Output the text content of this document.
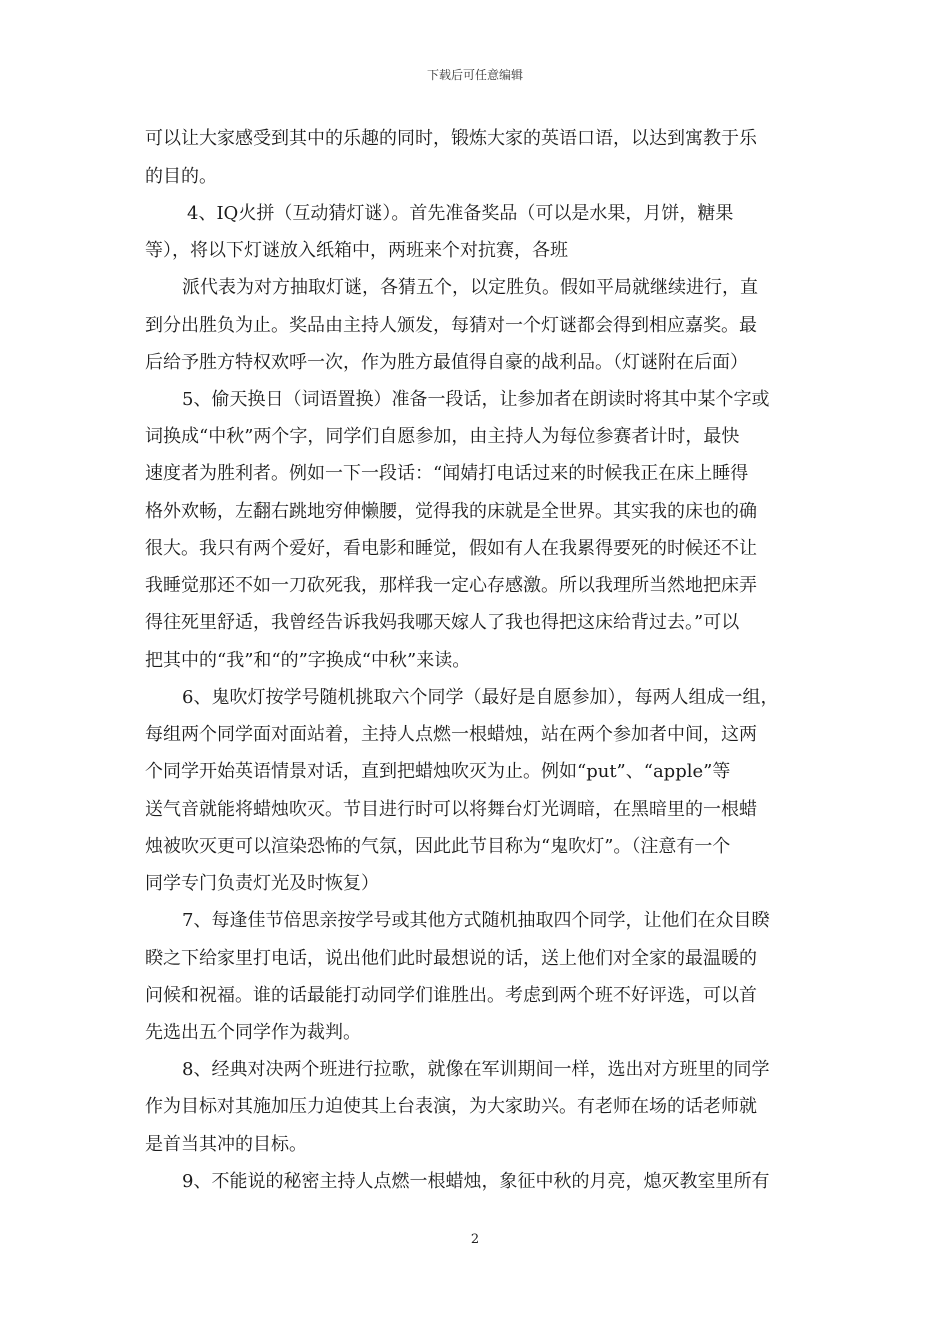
下载后可任意编辑
可以让大家感受到其中的乐趣的同时，锻炼大家的英语口语，以达到寓教于乐
的目的。
4、IQ火拼（互动猜灯谜）。首先准备奖品（可以是水果，月饼，糖果
等），将以下灯谜放入纸箱中，两班来个对抗赛，各班
派代表为对方抽取灯谜，各猜五个，以定胜负。假如平局就继续进行，直
到分出胜负为止。奖品由主持人颁发，每猜对一个灯谜都会得到相应嘉奖。最
后给予胜方特权欢呼一次，作为胜方最值得自豪的战利品。（灯谜附在后面）
5、偷天换日（词语置换）准备一段话，让参加者在朗读时将其中某个字或
词换成“中秋”两个字，同学们自愿参加，由主持人为每位参赛者计时，最快
速度者为胜利者。例如一下一段话：“闻婧打电话过来的时候我正在床上睡得
格外欢畅，左翻右跳地穷伸懒腰，觉得我的床就是全世界。其实我的床也的确
很大。我只有两个爱好，看电影和睡觉，假如有人在我累得要死的时候还不让
我睡觉那还不如一刀砍死我，那样我一定心存感激。所以我理所当然地把床弄
得往死里舒适，我曾经告诉我妈我哪天嫁人了我也得把这床给背过去。”可以
把其中的“我”和“的”字换成“中秋”来读。
6、鬼吹灯按学号随机挑取六个同学（最好是自愿参加），每两人组成一组，
每组两个同学面对面站着，主持人点燃一根蜡烛，站在两个参加者中间，这两
个同学开始英语情景对话，直到把蜡烛吹灭为止。例如“put”、“apple”等
送气音就能将蜡烛吹灭。节目进行时可以将舞台灯光调暗，在黑暗里的一根蜡
烛被吹灭更可以渲染恐怖的气氛，因此此节目称为“鬼吹灯”。（注意有一个
同学专门负责灯光及时恢复）
7、每逢佳节倍思亲按学号或其他方式随机抽取四个同学，让他们在众目睽
睽之下给家里打电话，说出他们此时最想说的话，送上他们对全家的最温暖的
问候和祝福。谁的话最能打动同学们谁胜出。考虑到两个班不好评选，可以首
先选出五个同学作为裁判。
8、经典对决两个班进行拉歌，就像在军训期间一样，选出对方班里的同学
作为目标对其施加压力迫使其上台表演，为大家助兴。有老师在场的话老师就
是首当其冲的目标。
9、不能说的秘密主持人点燃一根蜡烛，象征中秋的月亮，熄灭教室里所有
2
